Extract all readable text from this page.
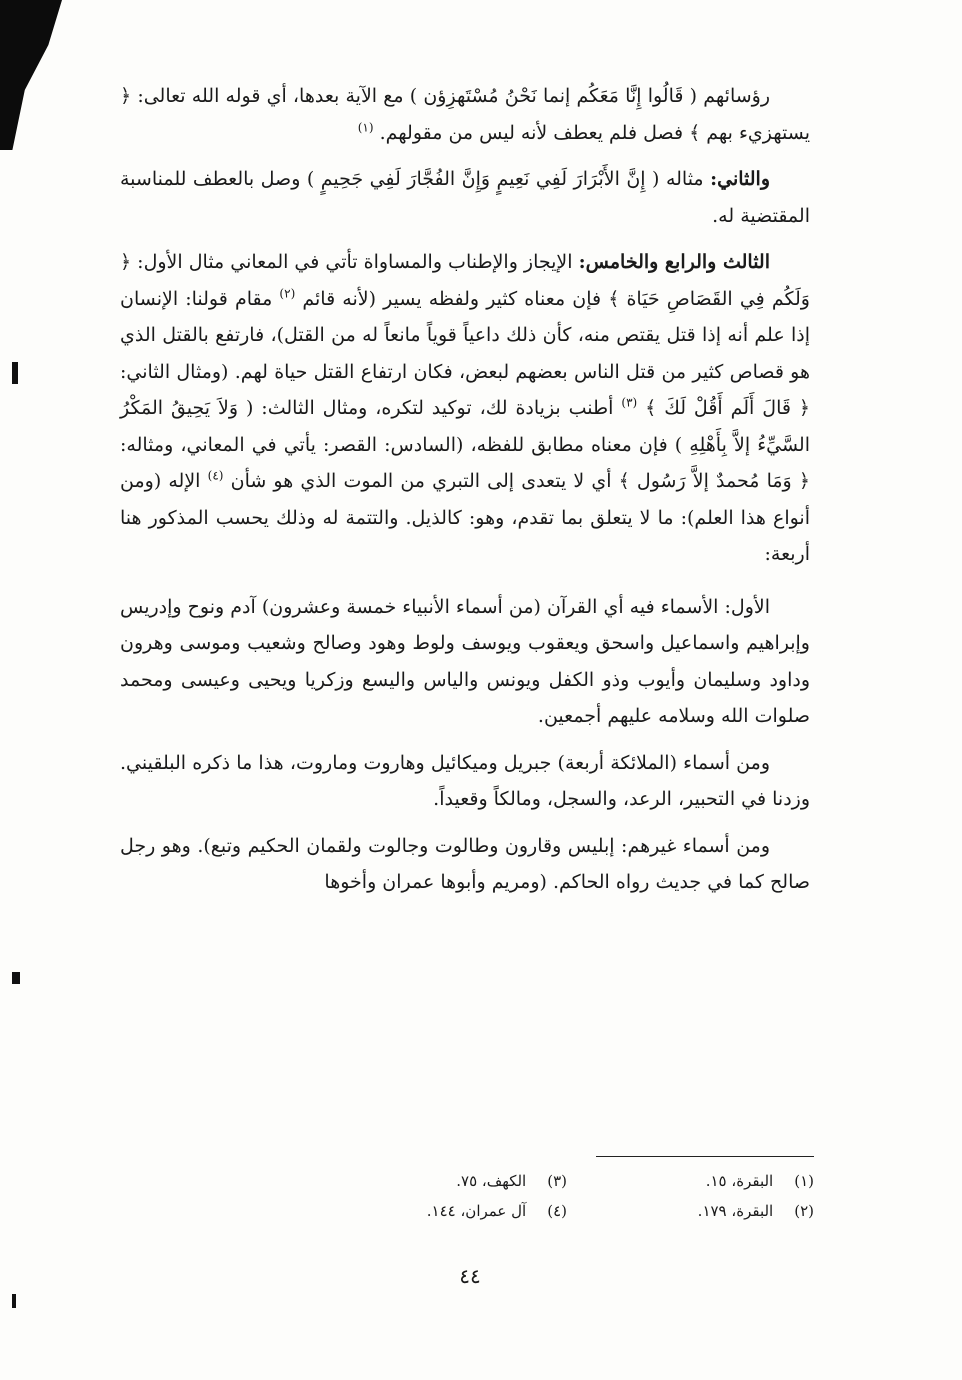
رؤسائهم ( قَالُوا إِنَّا مَعَكُم إنما نَحْنُ مُسْتَهزِؤن ) مع الآية بعدها، أي قوله الله تعالى: ﴿ يستهزيء بهم ﴾ فصل فلم يعطف لأنه ليس من مقولهم. $^{(١)}$

والثاني: مثاله ( إِنَّ الأَبْرَارَ لَفِي نَعِيمٍ وَإِنَّ الفُجَّارَ لَفِي جَحِيمٍ ) وصل بالعطف للمناسبة المقتضية له.

الثالث والرابع والخامس: الإيجاز والإطناب والمساواة تأتي في المعاني مثال الأول: ﴿ وَلَكُم فِي القَصَاصِ حَيَاة ﴾ فإن معناه كثير ولفظه يسير (لأنه قائم $^{(٢)}$ مقام قولنا: الإنسان إذا علم أنه إذا قتل يقتص منه، كأن ذلك داعياً قوياً مانعاً له من القتل)، فارتفع بالقتل الذي هو قصاص كثير من قتل الناس بعضهم لبعض، فكان ارتفاع القتل حياة لهم. (ومثال الثاني: ﴿ قَالَ أَلَم أَقُلْ لَكَ ﴾ $^{(٣)}$ أطنب بزيادة لك، توكيد لتكره، ومثال الثالث: ( وَلاَ يَحِيقُ المَكْرُ السَّيِّءُ إلاَّ بِأَهْلِهِ ) فإن معناه مطابق للفظه، (السادس: القصر: يأتي في المعاني، ومثاله: ﴿ وَمَا مُحمدٌ إلاَّ رَسُول ﴾ أي لا يتعدى إلى التبري من الموت الذي هو شأن $^{(٤)}$ الإله (ومن أنواع هذا العلم): ما لا يتعلق بما تقدم، وهو: كالذيل. والتتمة له وذلك يحسب المذكور هنا أربعة:

الأول: الأسماء فيه أي القرآن (من أسماء الأنبياء خمسة وعشرون) آدم ونوح وإدريس وإبراهيم واسماعيل واسحق ويعقوب ويوسف ولوط وهود وصالح وشعيب وموسى وهرون وداود وسليمان وأيوب وذو الكفل ويونس والياس واليسع وزكريا ويحيى وعيسى ومحمد صلوات الله وسلامه عليهم أجمعين.

ومن أسماء (الملائكة أربعة) جبريل وميكائيل وهاروت وماروت، هذا ما ذكره البلقيني. وزدنا في التحبير، الرعد، والسجل، ومالكاً وقعيداً.

ومن أسماء غيرهم: إبليس وقارون وطالوت وجالوت ولقمان الحكيم وتبع). وهو رجل صالح كما في جديث رواه الحاكم. (ومريم وأبوها عمران وأخوها

(١) البقرة، ١٥.
(٣) الكهف، ٧٥.
(٢) البقرة، ١٧٩.
(٤) آل عمران، ١٤٤.
٤٤
